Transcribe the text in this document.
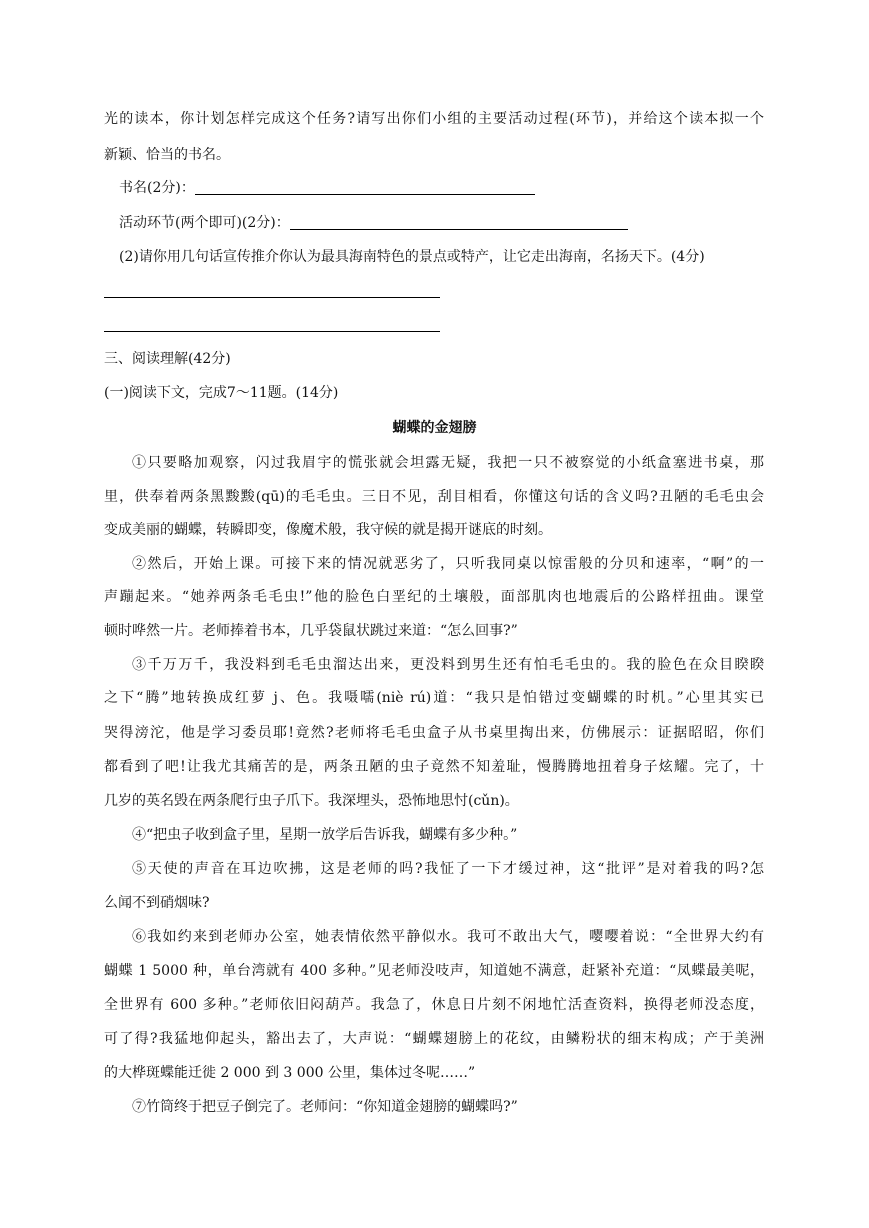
光的读本，你计划怎样完成这个任务?请写出你们小组的主要活动过程(环节)，并给这个读本拟一个
新颖、恰当的书名。
书名(2分)：
活动环节(两个即可)(2分)：
(2)请你用几句话宣传推介你认为最具海南特色的景点或特产，让它走出海南，名扬天下。(4分)
三、阅读理解(42分)
(一)阅读下文，完成7～11题。(14分)
蝴蝶的金翅膀
①只要略加观察，闪过我眉宇的慌张就会坦露无疑，我把一只不被察觉的小纸盒塞进书桌，那
里，供奉着两条黑黢黢(qū)的毛毛虫。三日不见，刮目相看，你懂这句话的含义吗?丑陋的毛毛虫会
变成美丽的蝴蝶，转瞬即变，像魔术般，我守候的就是揭开谜底的时刻。
②然后，开始上课。可接下来的情况就恶劣了，只听我同桌以惊雷般的分贝和速率，“啊”的一
声蹦起来。“她养两条毛毛虫!”他的脸色白垩纪的土壤般，面部肌肉也地震后的公路样扭曲。课堂
顿时哗然一片。老师捧着书本，几乎袋鼠状跳过来道：“怎么回事?”
③千万万千，我没料到毛毛虫溜达出来，更没料到男生还有怕毛毛虫的。我的脸色在众目睽睽
之下“腾”地转换成红萝 j、色。我嗫嚅(niè rú)道：“我只是怕错过变蝴蝶的时机。”心里其实已
哭得滂沱，他是学习委员耶!竟然?老师将毛毛虫盒子从书桌里掏出来，仿佛展示：证据昭昭，你们
都看到了吧!让我尤其痛苦的是，两条丑陋的虫子竟然不知羞耻，慢腾腾地扭着身子炫耀。完了，十
几岁的英名毁在两条爬行虫子爪下。我深埋头，恐怖地思忖(cǔn)。
④“把虫子收到盒子里，星期一放学后告诉我，蝴蝶有多少种。”
⑤天使的声音在耳边吹拂，这是老师的吗?我怔了一下才缓过神，这“批评”是对着我的吗?怎
么闻不到硝烟味?
⑥我如约来到老师办公室，她表情依然平静似水。我可不敢出大气，嘤嘤着说：“全世界大约有
蝴蝶 1 5000 种，单台湾就有 400 多种。”见老师没吱声，知道她不满意，赶紧补充道：“凤蝶最美呢，
全世界有 600 多种。”老师依旧闷葫芦。我急了，休息日片刻不闲地忙活查资料，换得老师没态度，
可了得?我猛地仰起头，豁出去了，大声说：“蝴蝶翅膀上的花纹，由鳞粉状的细末构成；产于美洲
的大桦斑蝶能迁徙 2 000 到 3 000 公里，集体过冬呢……”
⑦竹筒终于把豆子倒完了。老师问：“你知道金翅膀的蝴蝶吗?”
